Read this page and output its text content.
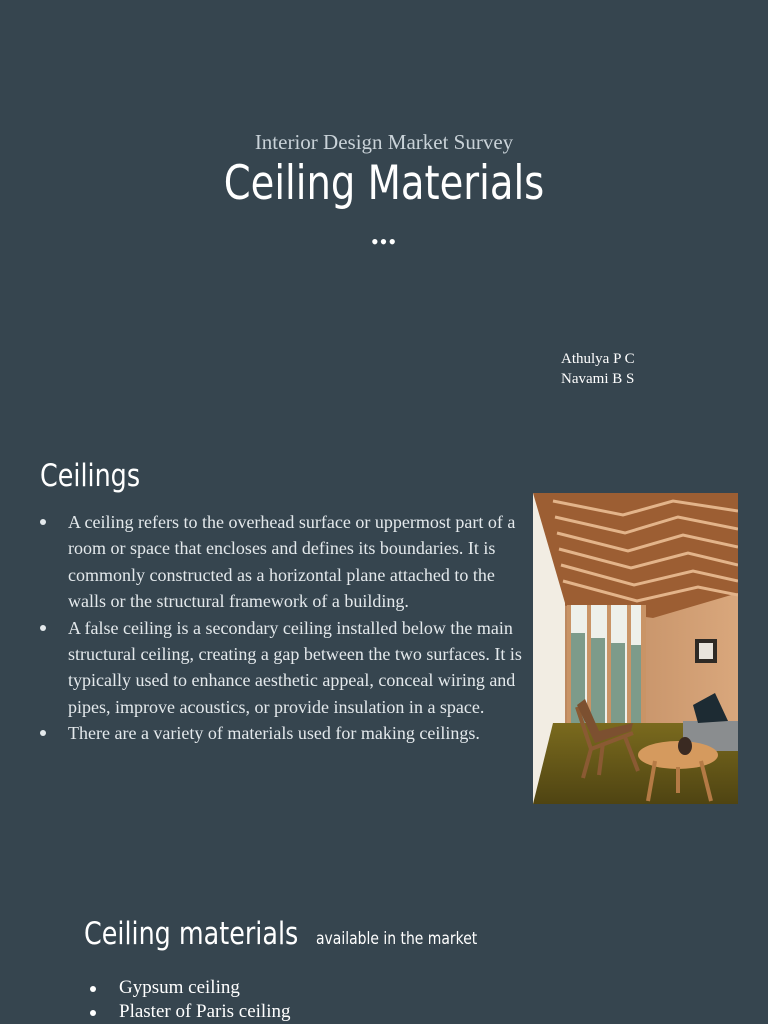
Interior Design Market Survey
Ceiling Materials
•••
Athulya P C
Navami B S
Ceilings
A ceiling refers to the overhead surface or uppermost part of a room or space that encloses and defines its boundaries. It is commonly constructed as a horizontal plane attached to the walls or the structural framework of a building.
A false ceiling is a secondary ceiling installed below the main structural ceiling, creating a gap between the two surfaces. It is typically used to enhance aesthetic appeal, conceal wiring and pipes, improve acoustics, or provide insulation in a space.
There are a variety of materials used for making ceilings.
Ceiling materials available in the market
Gypsum ceiling
Plaster of Paris ceiling
